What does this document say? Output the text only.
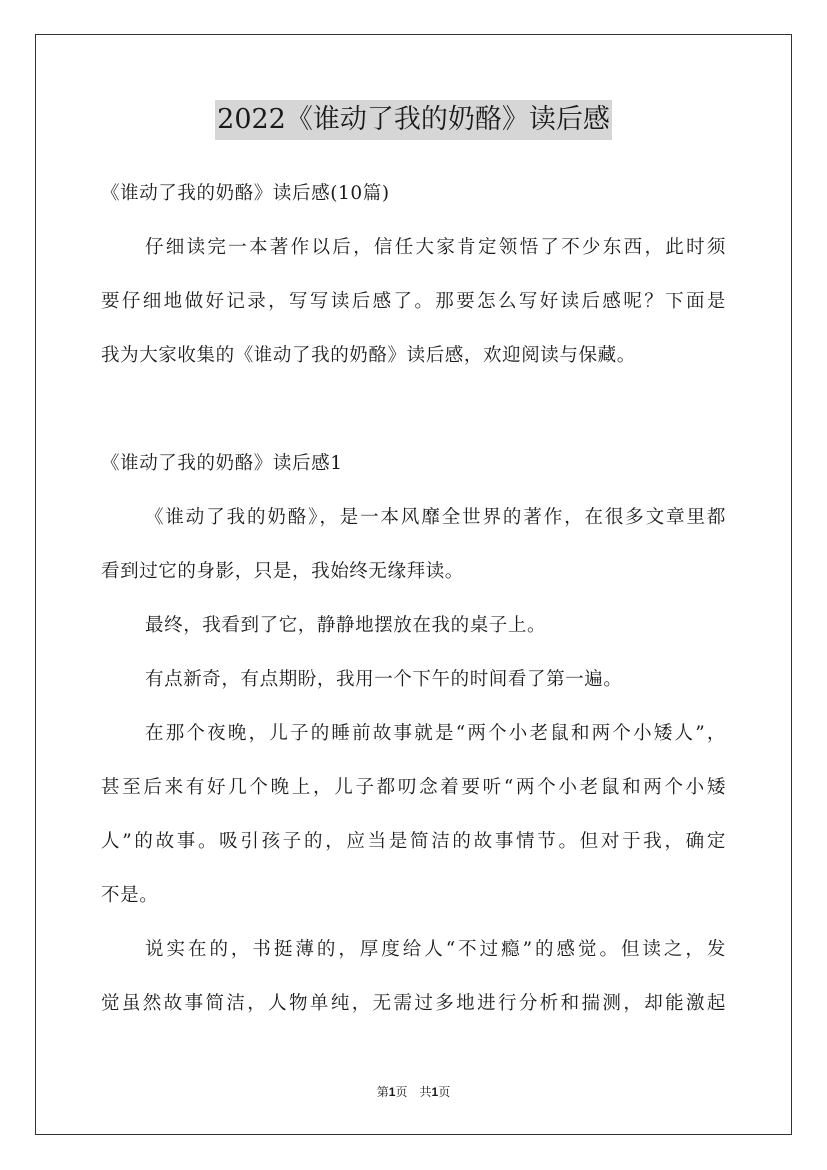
2022《谁动了我的奶酪》读后感
《谁动了我的奶酪》读后感(10篇)
仔细读完一本著作以后，信任大家肯定领悟了不少东西，此时须
要仔细地做好记录，写写读后感了。那要怎么写好读后感呢？下面是
我为大家收集的《谁动了我的奶酪》读后感，欢迎阅读与保藏。
《谁动了我的奶酪》读后感1
《谁动了我的奶酪》，是一本风靡全世界的著作，在很多文章里都
看到过它的身影，只是，我始终无缘拜读。
最终，我看到了它，静静地摆放在我的桌子上。
有点新奇，有点期盼，我用一个下午的时间看了第一遍。
在那个夜晚，儿子的睡前故事就是“两个小老鼠和两个小矮人”，
甚至后来有好几个晚上，儿子都叨念着要听“两个小老鼠和两个小矮
人”的故事。吸引孩子的，应当是简洁的故事情节。但对于我，确定
不是。
说实在的，书挺薄的，厚度给人“不过瘾”的感觉。但读之，发
觉虽然故事简洁，人物单纯，无需过多地进行分析和揣测，却能激起
第1页　共1页
